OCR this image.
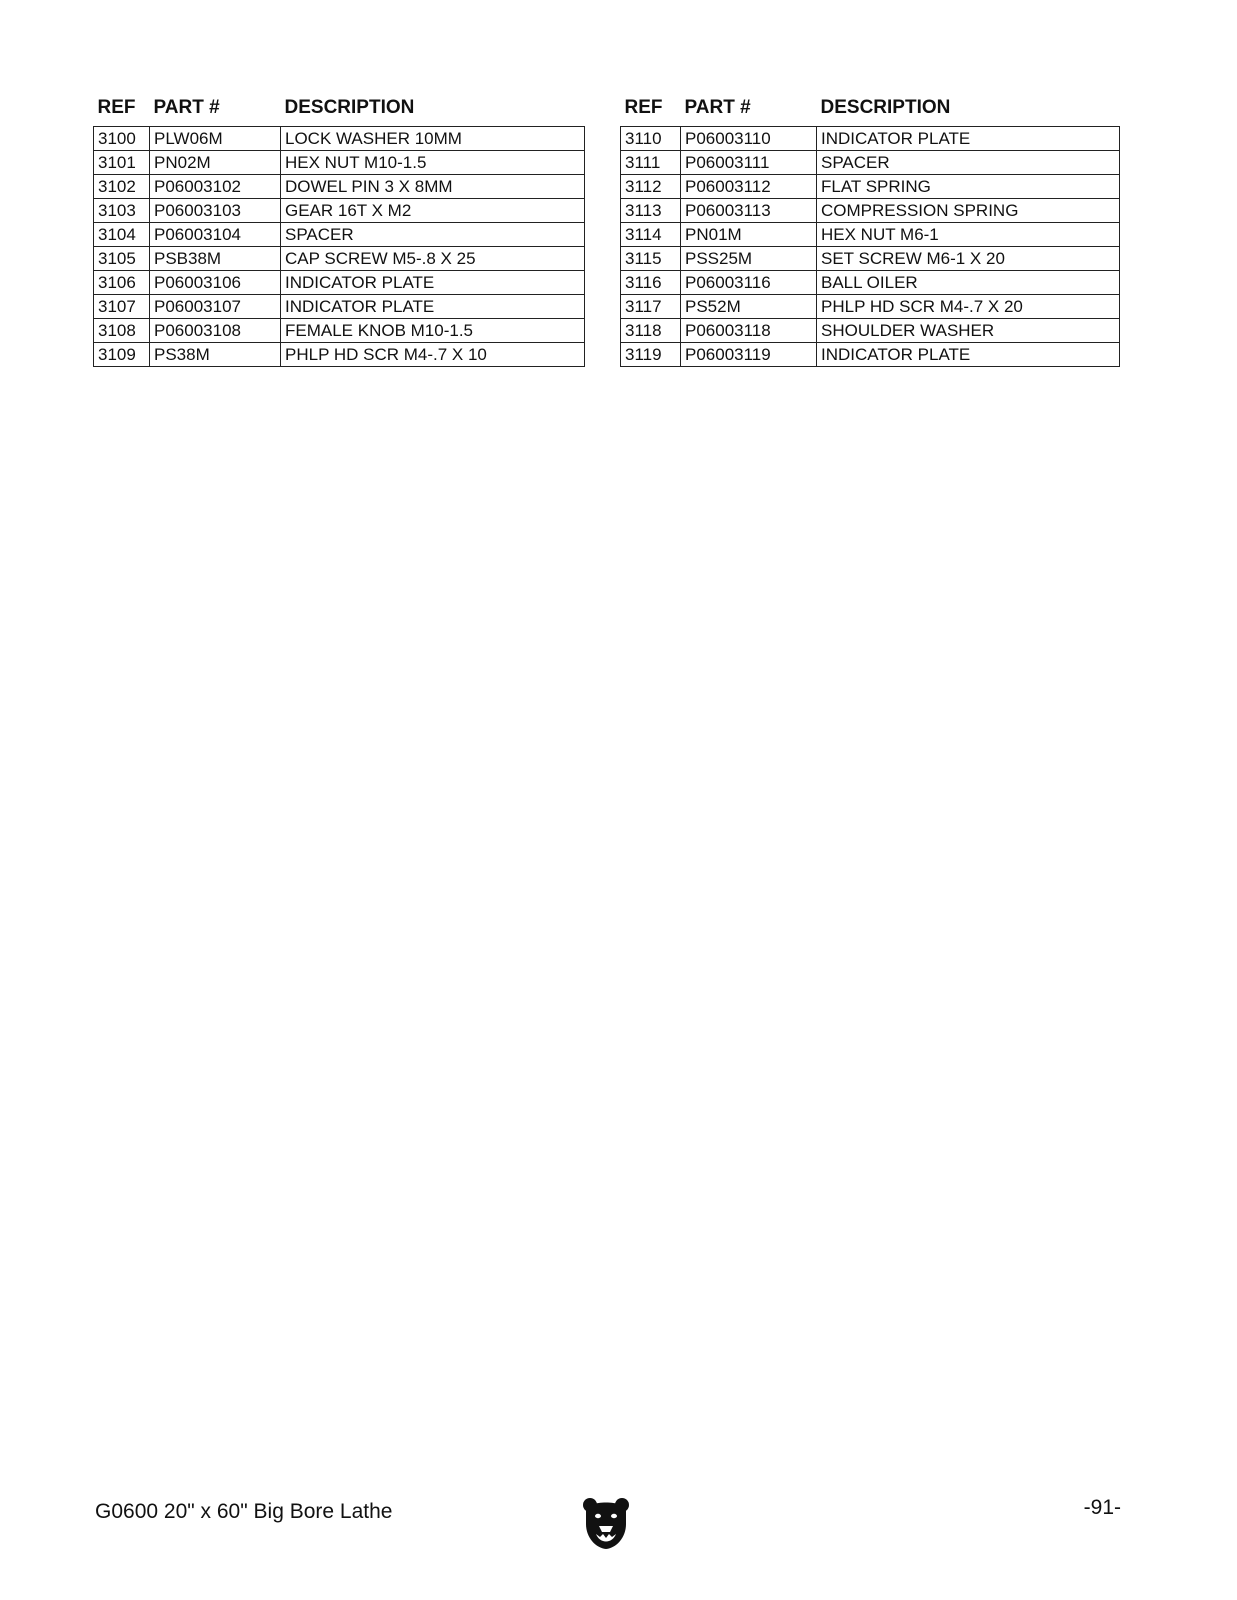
REF	PART #	DESCRIPTION
3100	PLW06M	LOCK WASHER 10MM
3101	PN02M	HEX NUT M10-1.5
3102	P06003102	DOWEL PIN 3 X 8MM
3103	P06003103	GEAR 16T X M2
3104	P06003104	SPACER
3105	PSB38M	CAP SCREW M5-.8 X 25
3106	P06003106	INDICATOR PLATE
3107	P06003107	INDICATOR PLATE
3108	P06003108	FEMALE KNOB M10-1.5
3109	PS38M	PHLP HD SCR M4-.7 X 10
REF	PART #	DESCRIPTION
3110	P06003110	INDICATOR PLATE
3111	P06003111	SPACER
3112	P06003112	FLAT SPRING
3113	P06003113	COMPRESSION SPRING
3114	PN01M	HEX NUT M6-1
3115	PSS25M	SET SCREW M6-1 X 20
3116	P06003116	BALL OILER
3117	PS52M	PHLP HD SCR M4-.7 X 20
3118	P06003118	SHOULDER WASHER
3119	P06003119	INDICATOR PLATE
G0600 20" x 60" Big Bore Lathe	-91-
